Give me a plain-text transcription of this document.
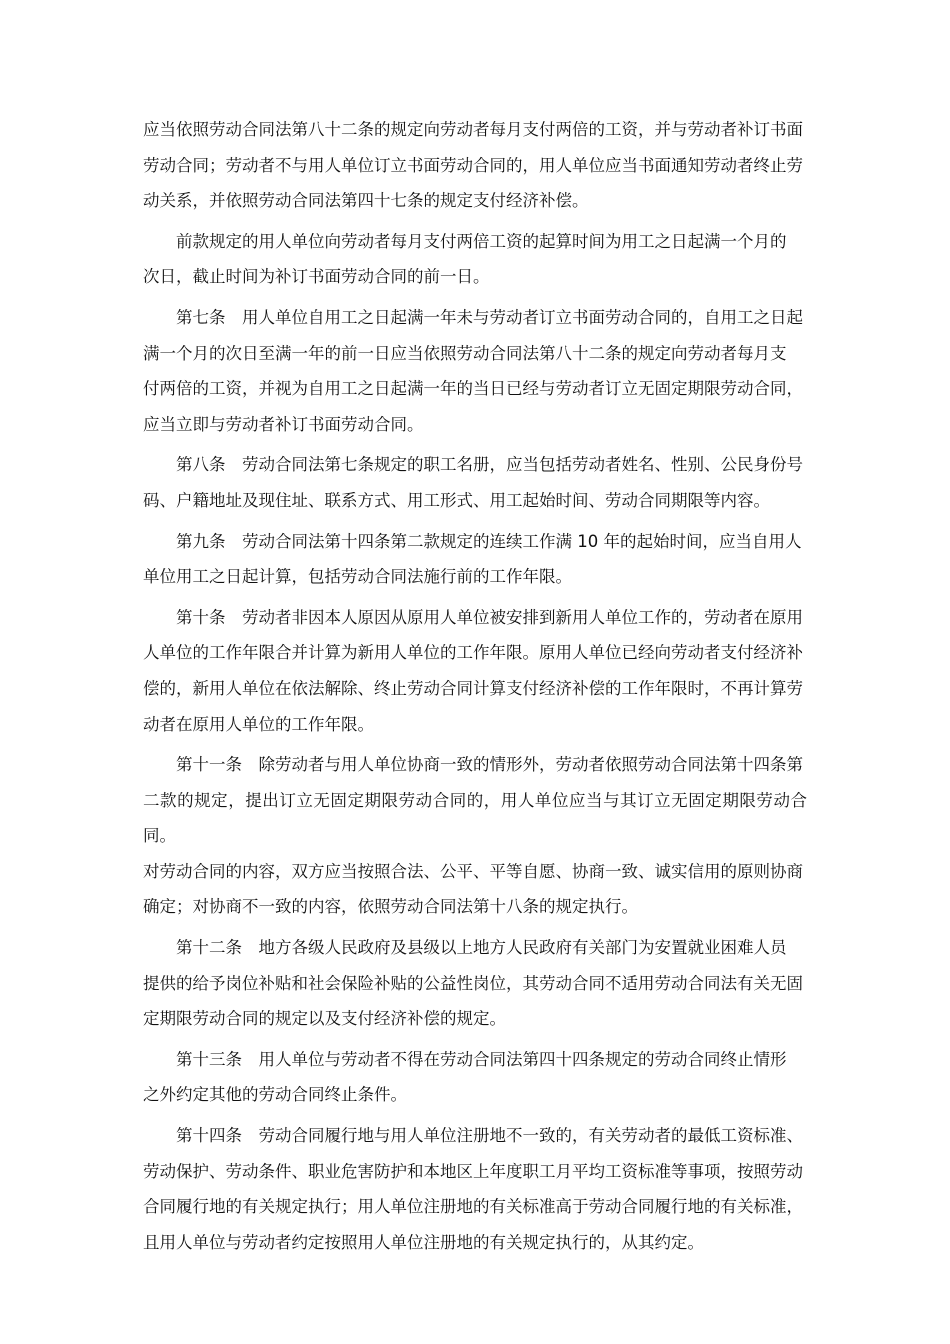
应当依照劳动合同法第八十二条的规定向劳动者每月支付两倍的工资，并与劳动者补订书面
劳动合同；劳动者不与用人单位订立书面劳动合同的，用人单位应当书面通知劳动者终止劳
动关系，并依照劳动合同法第四十七条的规定支付经济补偿。

前款规定的用人单位向劳动者每月支付两倍工资的起算时间为用工之日起满一个月的
次日，截止时间为补订书面劳动合同的前一日。

第七条　用人单位自用工之日起满一年未与劳动者订立书面劳动合同的，自用工之日起
满一个月的次日至满一年的前一日应当依照劳动合同法第八十二条的规定向劳动者每月支
付两倍的工资，并视为自用工之日起满一年的当日已经与劳动者订立无固定期限劳动合同，
应当立即与劳动者补订书面劳动合同。

第八条　劳动合同法第七条规定的职工名册，应当包括劳动者姓名、性别、公民身份号
码、户籍地址及现住址、联系方式、用工形式、用工起始时间、劳动合同期限等内容。

第九条　劳动合同法第十四条第二款规定的连续工作满 10 年的起始时间，应当自用人
单位用工之日起计算，包括劳动合同法施行前的工作年限。

第十条　劳动者非因本人原因从原用人单位被安排到新用人单位工作的，劳动者在原用
人单位的工作年限合并计算为新用人单位的工作年限。原用人单位已经向劳动者支付经济补
偿的，新用人单位在依法解除、终止劳动合同计算支付经济补偿的工作年限时，不再计算劳
动者在原用人单位的工作年限。

第十一条　除劳动者与用人单位协商一致的情形外，劳动者依照劳动合同法第十四条第
二款的规定，提出订立无固定期限劳动合同的，用人单位应当与其订立无固定期限劳动合同。
对劳动合同的内容，双方应当按照合法、公平、平等自愿、协商一致、诚实信用的原则协商
确定；对协商不一致的内容，依照劳动合同法第十八条的规定执行。

第十二条　地方各级人民政府及县级以上地方人民政府有关部门为安置就业困难人员
提供的给予岗位补贴和社会保险补贴的公益性岗位，其劳动合同不适用劳动合同法有关无固
定期限劳动合同的规定以及支付经济补偿的规定。

第十三条　用人单位与劳动者不得在劳动合同法第四十四条规定的劳动合同终止情形
之外约定其他的劳动合同终止条件。

第十四条　劳动合同履行地与用人单位注册地不一致的，有关劳动者的最低工资标准、
劳动保护、劳动条件、职业危害防护和本地区上年度职工月平均工资标准等事项，按照劳动
合同履行地的有关规定执行；用人单位注册地的有关标准高于劳动合同履行地的有关标准，
且用人单位与劳动者约定按照用人单位注册地的有关规定执行的，从其约定。
